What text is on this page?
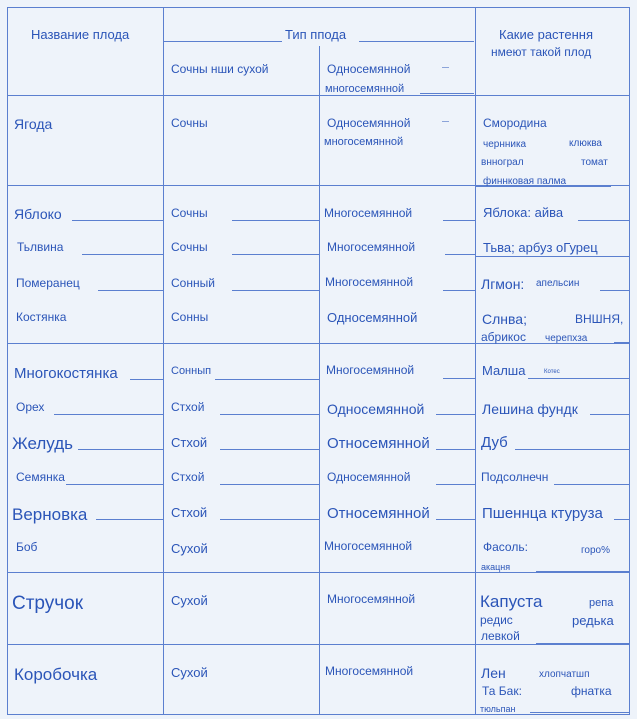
Название плода	Тип ппода	Какие растення
нмеют такой плод
Сочны нши сухой	Односемянной	—
многосемянной
Ягода	Сочны	Односемянной	—
многосемянной
Смородина
чернника	клюква
вннограл	томат
финнковая палма
Яблоко	Сочны	Многосемянной	Яблока: айва
Тьлвина	Сочны	Многосемянной	Тьва; арбуз оГурец
Померанец	Сонный	Многосемянной	Лгмон: апельсин
Костянка	Сонны	Односемянной	Слнва;	ВНШНЯ,
абрикос черепхза
Многокостянка	Соннып	Многосемянной	Малша	Котес
Орех	Стхой	Односемянной	Лешина фундк
Желудь	Стхой	Относемянной	Дуб
Семянка	Стхой	Односемянной	Подсолнечн
Верновка	Стхой	Относемянной	Пшеннца ктуруза
Боб	Сухой	Многосемянной	Фасоль:	горо%
акацня
Стручок	Сухой	Многосемянной	Капуста	репа
редис	редька
левкой
Коробочка	Сухой	Многосемянной	Лен	хлопчатшп
Та Бак:	фнатка
тюльпан
